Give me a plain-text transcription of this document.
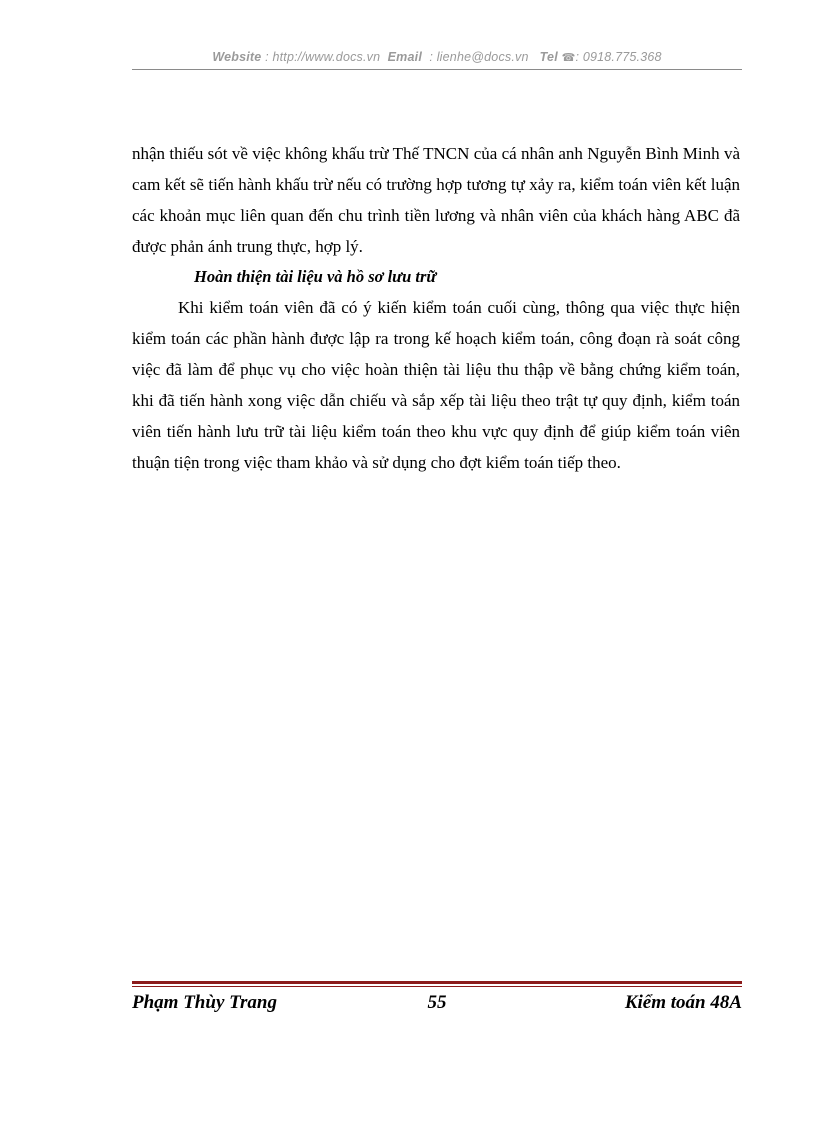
Website : http://www.docs.vn Email : lienhe@docs.vn Tel ☎: 0918.775.368

nhận thiếu sót về việc không khấu trừ Thế TNCN của cá nhân anh Nguyễn Bình Minh và cam kết sẽ tiến hành khấu trừ nếu có trường hợp tương tự xảy ra, kiểm toán viên kết luận các khoản mục liên quan đến chu trình tiền lương và nhân viên của khách hàng ABC đã được phản ánh trung thực, hợp lý.

Hoàn thiện tài liệu và hồ sơ lưu trữ

Khi kiểm toán viên đã có ý kiến kiểm toán cuối cùng, thông qua việc thực hiện kiểm toán các phần hành được lập ra trong kế hoạch kiểm toán, công đoạn rà soát công việc đã làm để phục vụ cho việc hoàn thiện tài liệu thu thập về bằng chứng kiểm toán, khi đã tiến hành xong việc dẫn chiếu và sắp xếp tài liệu theo trật tự quy định, kiểm toán viên tiến hành lưu trữ tài liệu kiểm toán theo khu vực quy định để giúp kiểm toán viên thuận tiện trong việc tham khảo và sử dụng cho đợt kiểm toán tiếp theo.

Phạm Thùy Trang	55	Kiểm toán 48A
